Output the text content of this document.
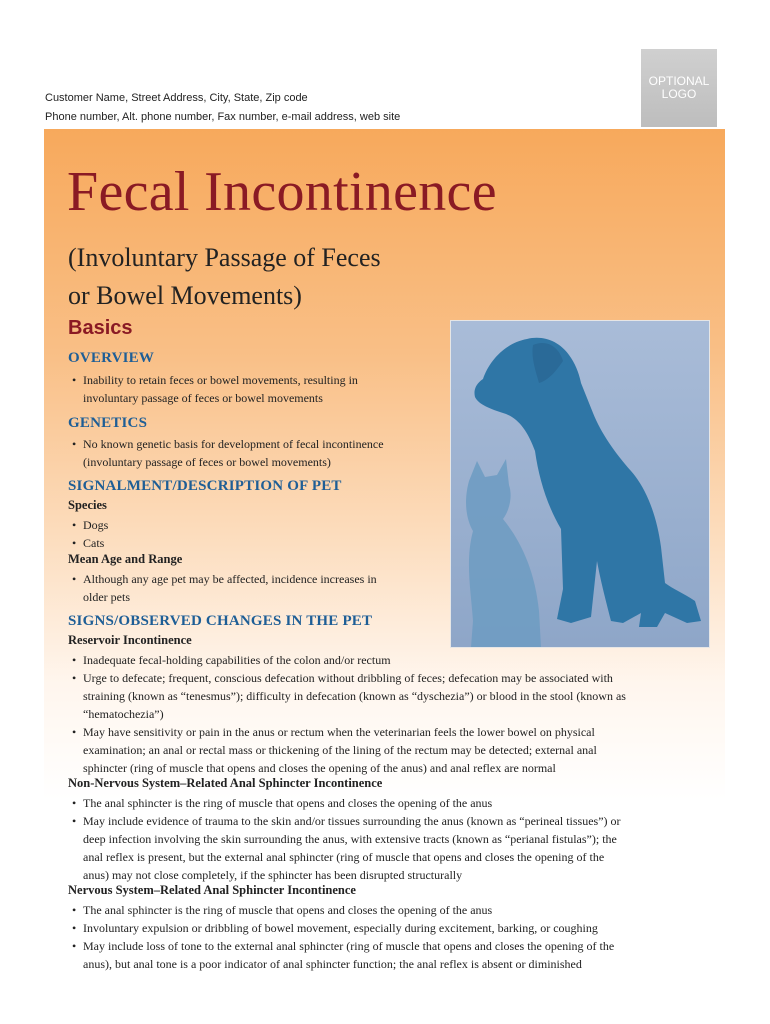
Customer Name, Street Address, City, State, Zip code
Phone number, Alt. phone number, Fax number, e-mail address, web site
OPTIONAL
LOGO
Fecal Incontinence
(Involuntary Passage of Feces
or Bowel Movements)
Basics
OVERVIEW
• Inability to retain feces or bowel movements, resulting in
involuntary passage of feces or bowel movements
GENETICS
• No known genetic basis for development of fecal incontinence
(involuntary passage of feces or bowel movements)
SIGNALMENT/DESCRIPTION OF PET
Species
• Dogs
• Cats
Mean Age and Range
• Although any age pet may be affected, incidence increases in
older pets
SIGNS/OBSERVED CHANGES IN THE PET
Reservoir Incontinence
• Inadequate fecal-holding capabilities of the colon and/or rectum
• Urge to defecate; frequent, conscious defecation without dribbling of feces; defecation may be associated with
straining (known as “tenesmus”); difficulty in defecation (known as “dyschezia”) or blood in the stool (known as
“hematochezia”)
• May have sensitivity or pain in the anus or rectum when the veterinarian feels the lower bowel on physical
examination; an anal or rectal mass or thickening of the lining of the rectum may be detected; external anal
sphincter (ring of muscle that opens and closes the opening of the anus) and anal reflex are normal
Non-Nervous System–Related Anal Sphincter Incontinence
• The anal sphincter is the ring of muscle that opens and closes the opening of the anus
• May include evidence of trauma to the skin and/or tissues surrounding the anus (known as “perineal tissues”) or
deep infection involving the skin surrounding the anus, with extensive tracts (known as “perianal fistulas”); the
anal reflex is present, but the external anal sphincter (ring of muscle that opens and closes the opening of the
anus) may not close completely, if the sphincter has been disrupted structurally
Nervous System–Related Anal Sphincter Incontinence
• The anal sphincter is the ring of muscle that opens and closes the opening of the anus
• Involuntary expulsion or dribbling of bowel movement, especially during excitement, barking, or coughing
• May include loss of tone to the external anal sphincter (ring of muscle that opens and closes the opening of the
anus), but anal tone is a poor indicator of anal sphincter function; the anal reflex is absent or diminished
